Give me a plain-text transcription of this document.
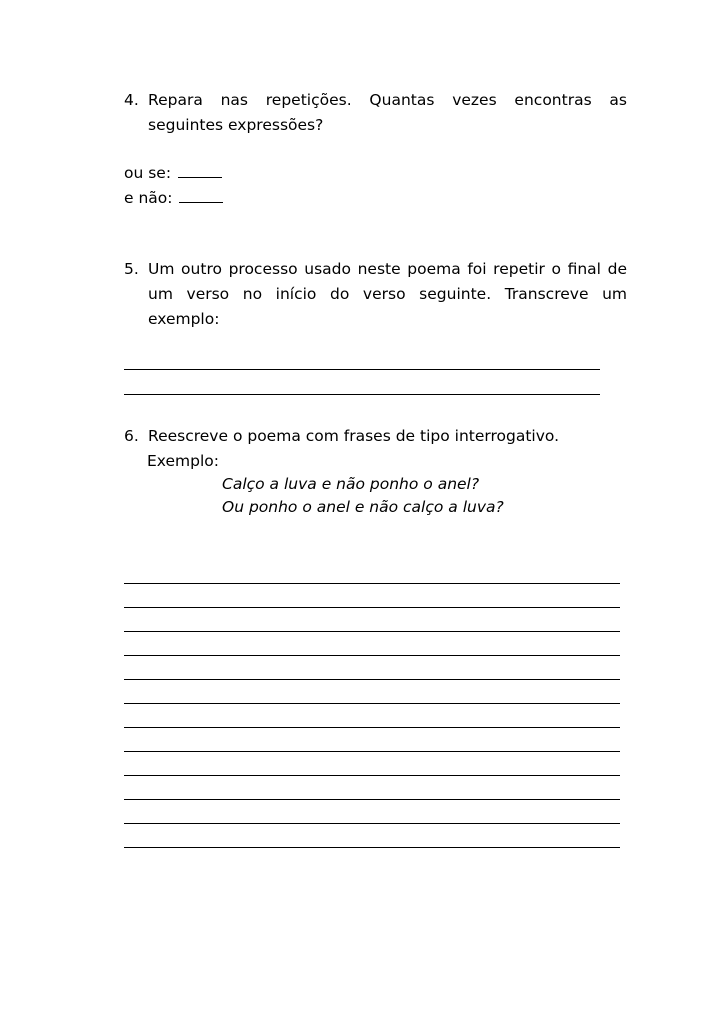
4. Repara nas repetições. Quantas vezes encontras as
seguintes expressões?
ou se:
e não:
5. Um outro processo usado neste poema foi repetir o final de
um verso no início do verso seguinte. Transcreve um
exemplo:
6. Reescreve o poema com frases de tipo interrogativo.
Exemplo:
Calço a luva e não ponho o anel?
Ou ponho o anel e não calço a luva?
